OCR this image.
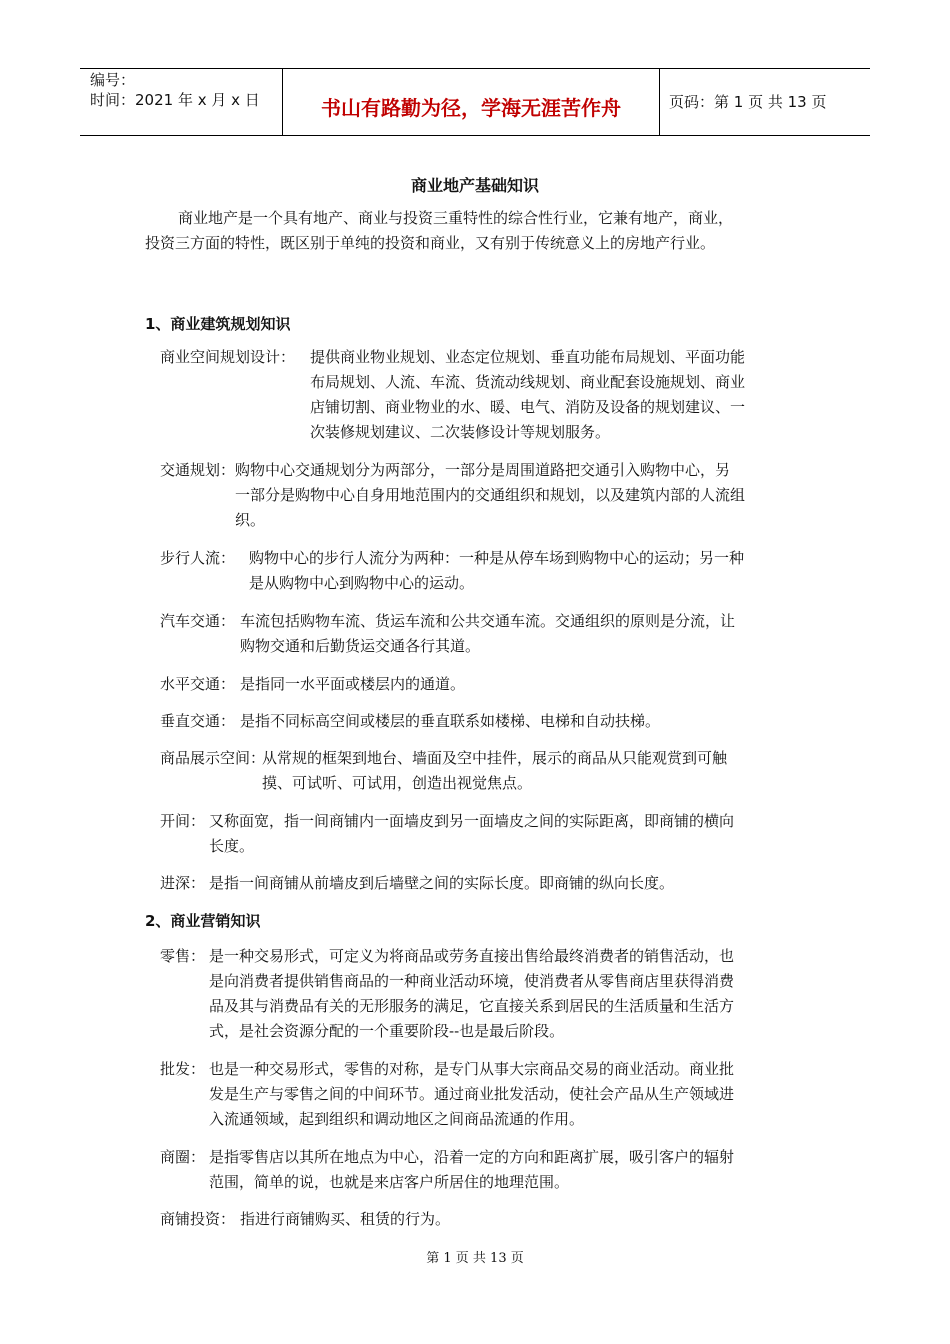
编号：
时间：2021 年 x 月 x 日	书山有路勤为径，学海无涯苦作舟	页码：第 1 页 共 13 页
商业地产基础知识
商业地产是一个具有地产、商业与投资三重特性的综合性行业，它兼有地产，商业，
投资三方面的特性，既区别于单纯的投资和商业，又有别于传统意义上的房地产行业。
1、商业建筑规划知识
商业空间规划设计： 提供商业物业规划、业态定位规划、垂直功能布局规划、平面功能
布局规划、人流、车流、货流动线规划、商业配套设施规划、商业
店铺切割、商业物业的水、暖、电气、消防及设备的规划建议、一
次装修规划建议、二次装修设计等规划服务。
交通规划： 购物中心交通规划分为两部分，一部分是周围道路把交通引入购物中心，另
一部分是购物中心自身用地范围内的交通组织和规划，以及建筑内部的人流组
织。
步行人流： 购物中心的步行人流分为两种：一种是从停车场到购物中心的运动；另一种
是从购物中心到购物中心的运动。
汽车交通： 车流包括购物车流、货运车流和公共交通车流。交通组织的原则是分流，让
购物交通和后勤货运交通各行其道。
水平交通： 是指同一水平面或楼层内的通道。
垂直交通： 是指不同标高空间或楼层的垂直联系如楼梯、电梯和自动扶梯。
商品展示空间：
从常规的框架到地台、墙面及空中挂件，展示的商品从只能观赏到可触
摸、可试听、可试用，创造出视觉焦点。
开间： 又称面宽，指一间商铺内一面墙皮到另一面墙皮之间的实际距离，即商铺的横向
长度。
进深： 是指一间商铺从前墙皮到后墙壁之间的实际长度。即商铺的纵向长度。
2、商业营销知识
零售： 是一种交易形式，可定义为将商品或劳务直接出售给最终消费者的销售活动，也
是向消费者提供销售商品的一种商业活动环境，使消费者从零售商店里获得消费
品及其与消费品有关的无形服务的满足，它直接关系到居民的生活质量和生活方
式，是社会资源分配的一个重要阶段--也是最后阶段。
批发： 也是一种交易形式，零售的对称，是专门从事大宗商品交易的商业活动。商业批
发是生产与零售之间的中间环节。通过商业批发活动，使社会产品从生产领域进
入流通领域，起到组织和调动地区之间商品流通的作用。
商圈： 是指零售店以其所在地点为中心，沿着一定的方向和距离扩展，吸引客户的辐射
范围，简单的说，也就是来店客户所居住的地理范围。
商铺投资： 指进行商铺购买、租赁的行为。
第 1 页 共 13 页
